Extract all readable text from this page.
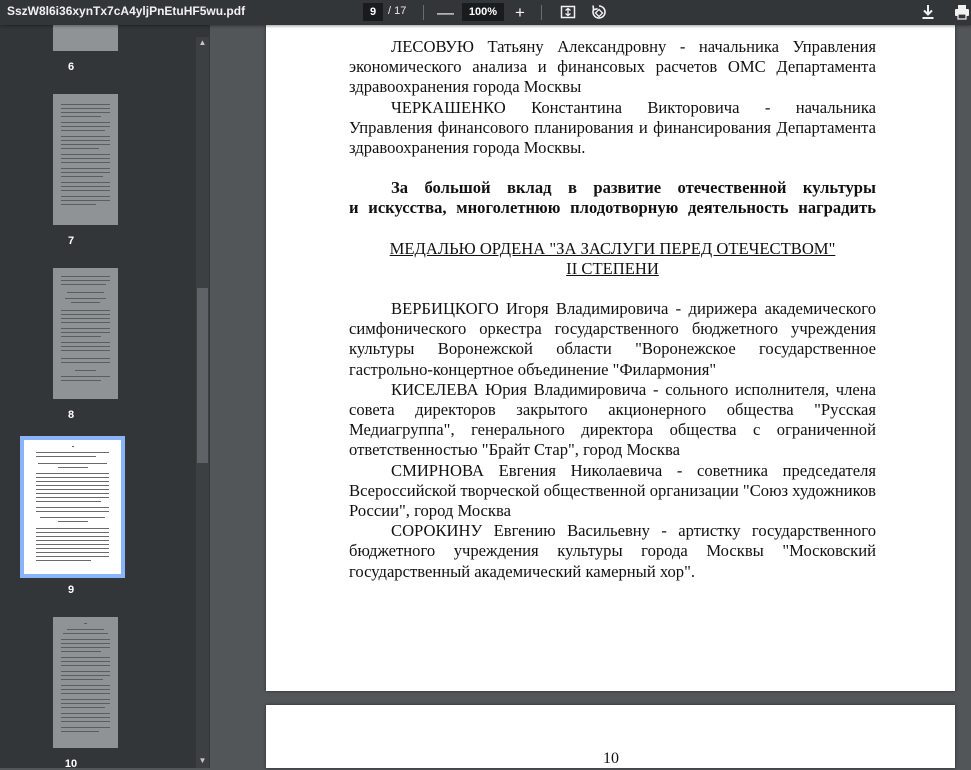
SszW8l6i36xynTx7cA4yljPnEtuHF5wu.pdf	9	/ 17 —	100%	+
6
7
8
9
10
▲
▼

ЛЕСОВУЮ Татьяну Александровну - начальника Управления экономического анализа и финансовых расчетов ОМС Департамента здравоохранения города Москвы

ЧЕРКАШЕНКО Константина Викторовича - начальника Управления финансового планирования и финансирования Департамента здравоохранения города Москвы.

За большой вклад в развитие отечественной культуры

и искусства, многолетнюю плодотворную деятельность наградить

МЕДАЛЬЮ ОРДЕНА "ЗА ЗАСЛУГИ ПЕРЕД ОТЕЧЕСТВОМ"

II СТЕПЕНИ

ВЕРБИЦКОГО Игоря Владимировича - дирижера академического симфонического оркестра государственного бюджетного учреждения культуры Воронежской области "Воронежское государственное гастрольно-концертное объединение "Филармония"

КИСЕЛЕВА Юрия Владимировича - сольного исполнителя, члена совета директоров закрытого акционерного общества "Русская Медиагруппа", генерального директора общества с ограниченной ответственностью "Брайт Стар", город Москва

СМИРНОВА Евгения Николаевича - советника председателя Всероссийской творческой общественной организации "Союз художников России", город Москва

СОРОКИНУ Евгению Васильевну - артистку государственного бюджетного учреждения культуры города Москвы "Московский государственный академический камерный хор".

10
